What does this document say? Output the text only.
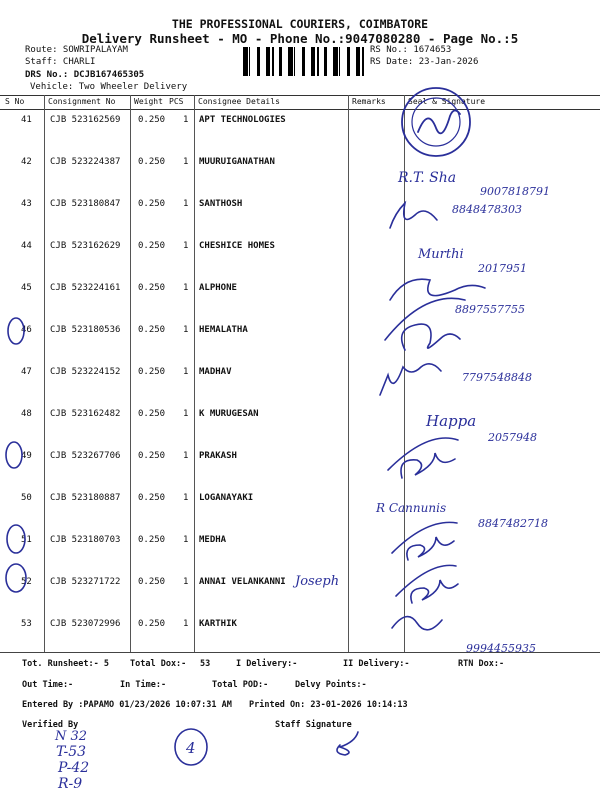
THE PROFESSIONAL COURIERS, COIMBATORE
Delivery Runsheet - MO - Phone No.:9047080280 - Page No.:5
Route: SOWRIPALAYAM
Staff: CHARLI
DRS No.: DCJB167465305
Vehicle: Two Wheeler Delivery
RS No.: 1674653
RS Date: 23-Jan-2026
S No	Consignment No Weight PCS Consignee Details	Remarks	Seal & Signature
41 CJB 523162569 0.250 1 APT TECHNOLOGIES
42 CJB 523224387 0.250 1 MUURUIGANATHAN
43 CJB 523180847 0.250 1 SANTHOSH
44 CJB 523162629 0.250 1 CHESHICE HOMES
45 CJB 523224161 0.250 1 ALPHONE
46 CJB 523180536 0.250 1 HEMALATHA
47 CJB 523224152 0.250 1 MADHAV
48 CJB 523162482 0.250 1 K MURUGESAN
49 CJB 523267706 0.250 1 PRAKASH
50 CJB 523180887 0.250 1 LOGANAYAKI
51 CJB 523180703 0.250 1 MEDHA
52 CJB 523271722 0.250 1 ANNAI VELANKANNI
53 CJB 523072996 0.250 1 KARTHIK
Tot. Runsheet:- 5 Total Dox:- 53	I Delivery:-	II Delivery:-	RTN Dox:-
Out Time:-	In Time:-	Total POD:-	Delvy Points:-
Entered By :PAPAMO 01/23/2026 10:07:31 AM Printed On: 23-01-2026 10:14:13
Verified By	Staff Signature
Joseph
R.T. Sha
9007818791
8848478303
Murthi
2017951
8897557755
7797548848
Happa
2057948
R Cannunis
8847482718
9994455935
N 32
T-53
P-42
R-9
4
